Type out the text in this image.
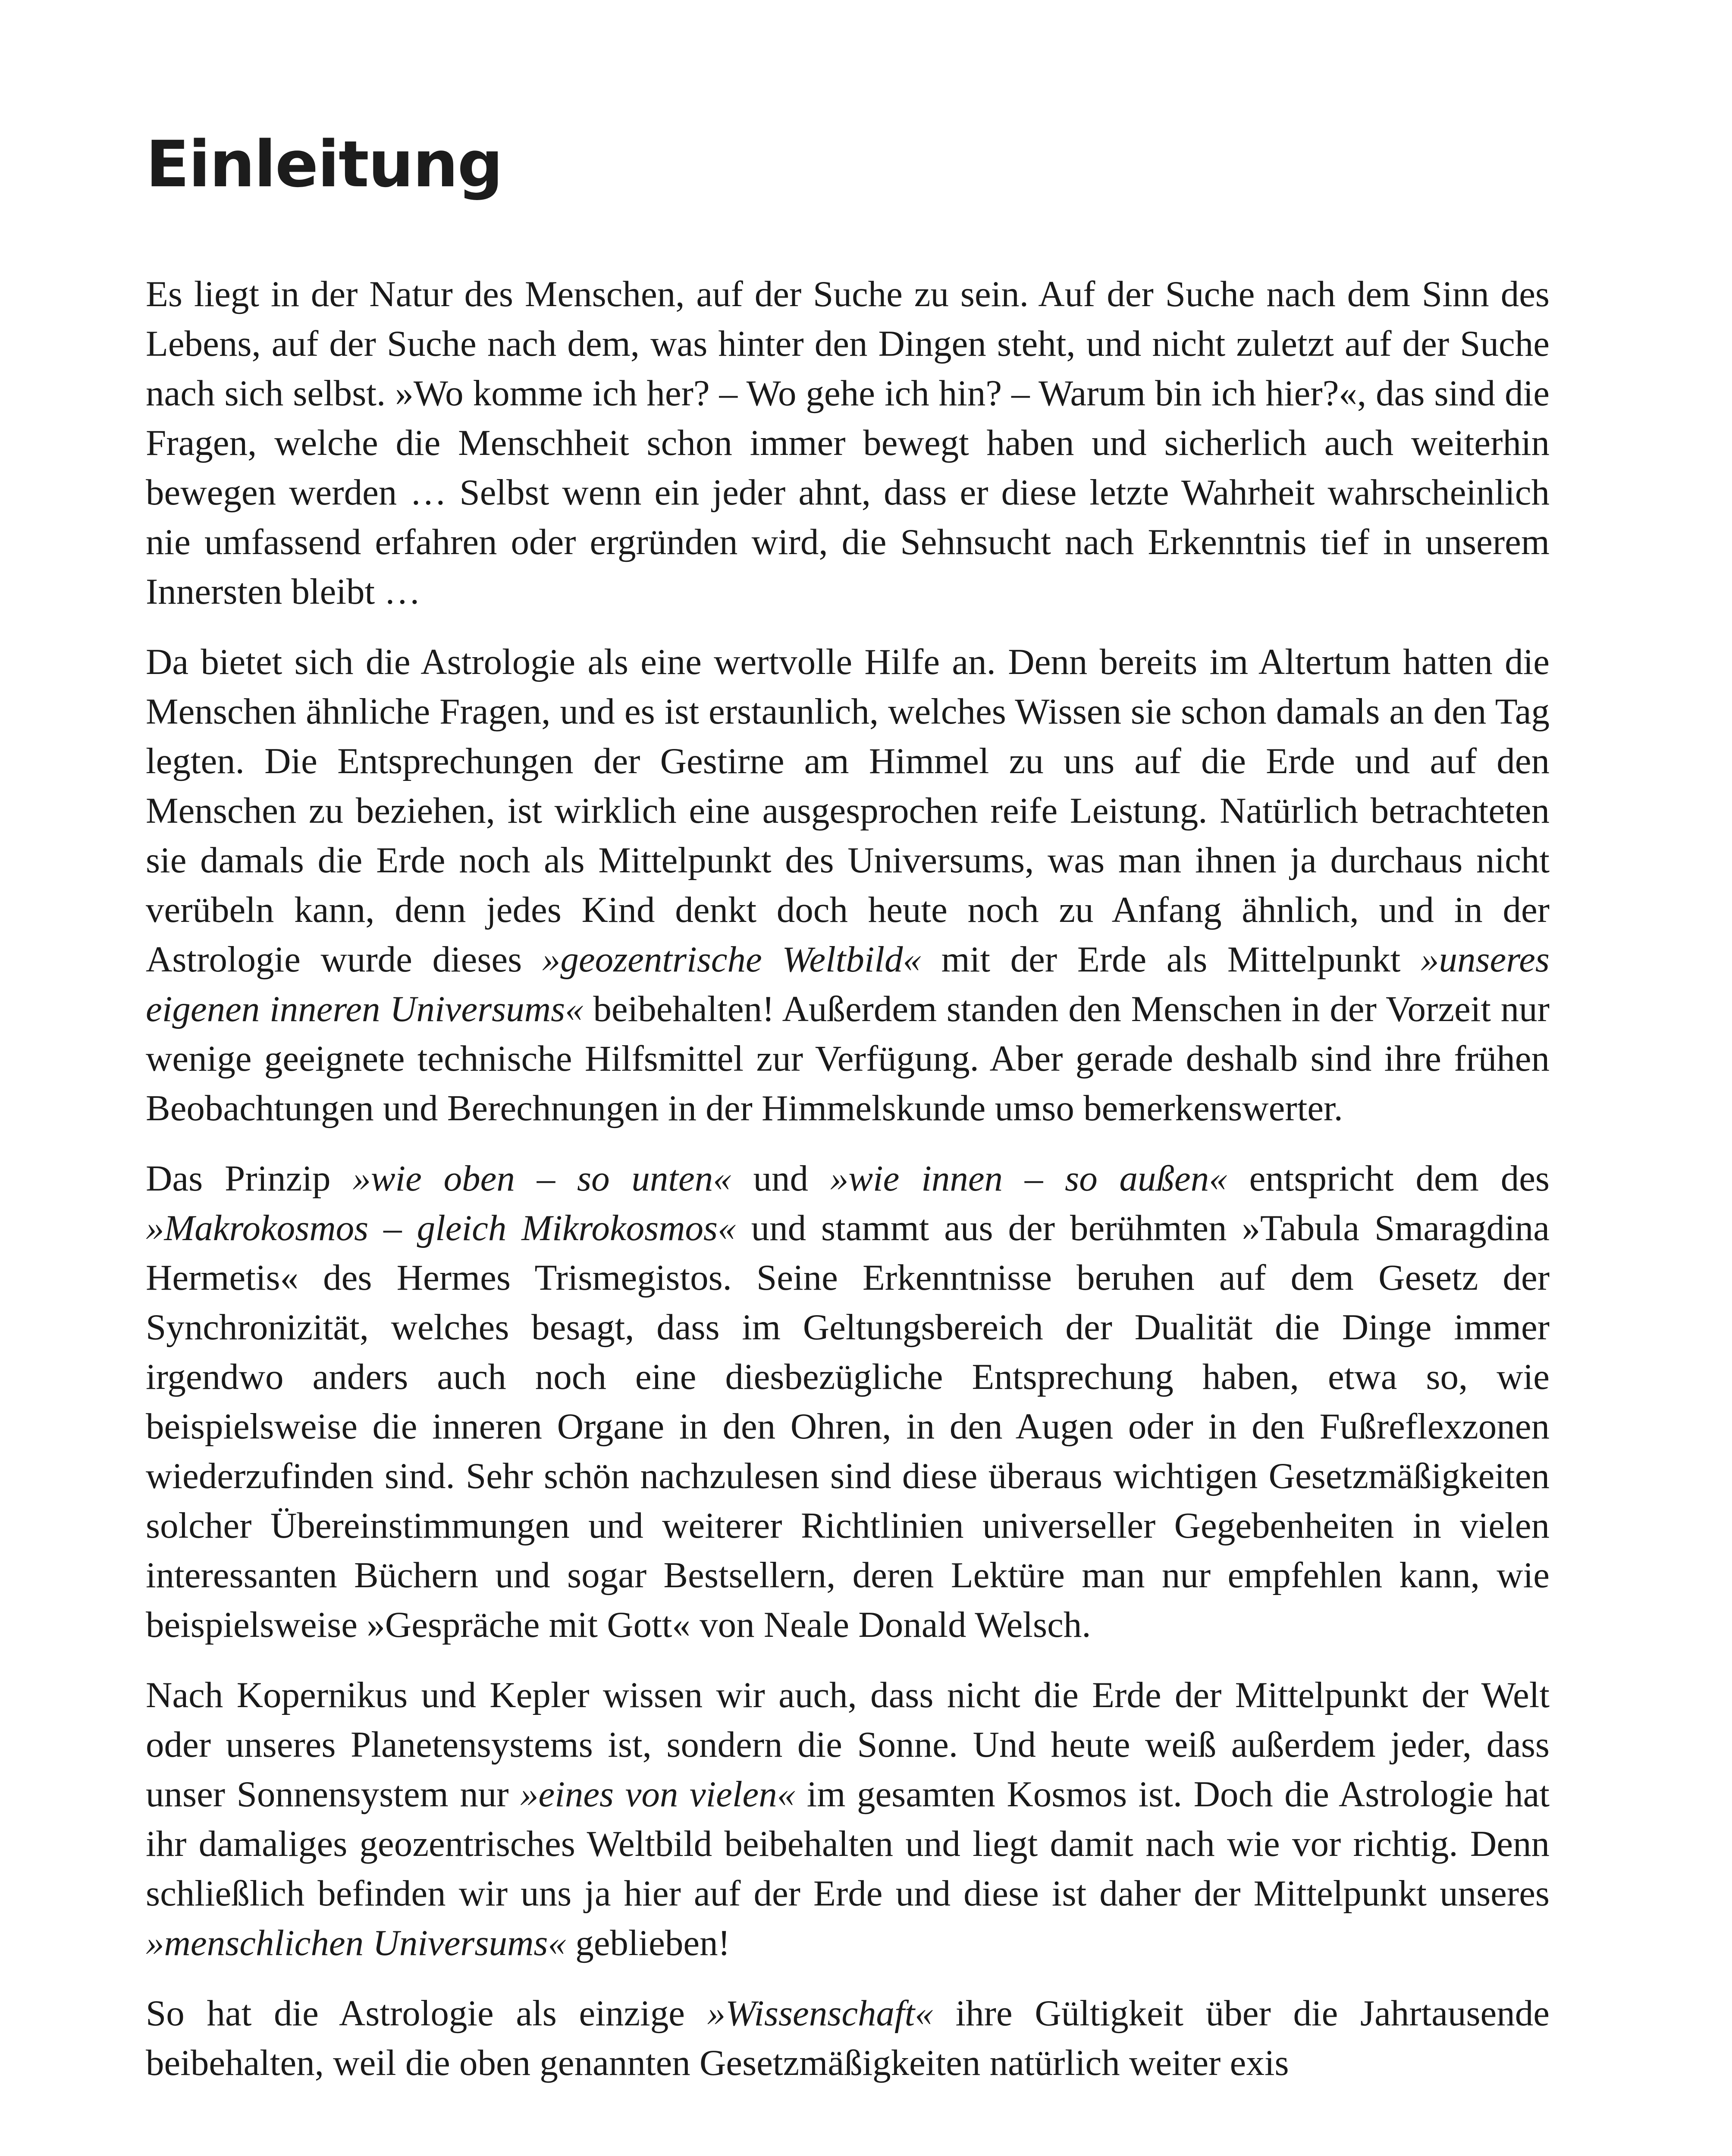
Einleitung

Es liegt in der Natur des Menschen, auf der Suche zu sein. Auf der Suche nach dem Sinn des Lebens, auf der Suche nach dem, was hinter den Dingen steht, und nicht zuletzt auf der Suche nach sich selbst. »Wo komme ich her? – Wo gehe ich hin? – Warum bin ich hier?«, das sind die Fragen, welche die Menschheit schon immer bewegt haben und sicherlich auch weiterhin bewegen werden … Selbst wenn ein jeder ahnt, dass er diese letzte Wahrheit wahrscheinlich nie umfassend erfahren oder ergründen wird, die Sehnsucht nach Erkenntnis tief in unserem Innersten bleibt …

Da bietet sich die Astrologie als eine wertvolle Hilfe an. Denn bereits im Altertum hatten die Menschen ähnliche Fragen, und es ist erstaunlich, welches Wissen sie schon damals an den Tag legten. Die Entsprechungen der Gestirne am Himmel zu uns auf die Erde und auf den Menschen zu beziehen, ist wirklich eine ausgesprochen reife Leistung. Natürlich betrachteten sie damals die Erde noch als Mittelpunkt des Universums, was man ihnen ja durchaus nicht verübeln kann, denn jedes Kind denkt doch heute noch zu Anfang ähnlich, und in der Astrologie wurde dieses »geozentrische Weltbild« mit der Erde als Mittelpunkt »unseres eigenen inneren Universums« beibehalten! Außerdem standen den Menschen in der Vorzeit nur wenige geeignete technische Hilfsmittel zur Verfügung. Aber gerade deshalb sind ihre frühen Beobachtungen und Berechnungen in der Himmelskunde umso bemerkenswerter.

Das Prinzip »wie oben – so unten« und »wie innen – so außen« entspricht dem des »Makrokosmos – gleich Mikrokosmos« und stammt aus der berühmten »Tabula Smaragdina Hermetis« des Hermes Trismegistos. Seine Erkenntnisse beruhen auf dem Gesetz der Synchronizität, welches besagt, dass im Geltungsbereich der Dualität die Dinge immer irgendwo anders auch noch eine diesbezügliche Entsprechung haben, etwa so, wie beispielsweise die inneren Organe in den Ohren, in den Augen oder in den Fußreflexzonen wiederzufinden sind. Sehr schön nachzulesen sind diese überaus wichtigen Gesetzmäßigkeiten solcher Übereinstimmungen und weiterer Richtlinien universeller Gegebenheiten in vielen interessanten Büchern und sogar Bestsellern, deren Lektüre man nur empfehlen kann, wie beispielsweise »Gespräche mit Gott« von Neale Donald Welsch.

Nach Kopernikus und Kepler wissen wir auch, dass nicht die Erde der Mittelpunkt der Welt oder unseres Planetensystems ist, sondern die Sonne. Und heute weiß außerdem jeder, dass unser Sonnensystem nur »eines von vielen« im gesamten Kosmos ist. Doch die Astrologie hat ihr damaliges geozentrisches Weltbild beibehalten und liegt damit nach wie vor richtig. Denn schließlich befinden wir uns ja hier auf der Erde und diese ist daher der Mittelpunkt unseres »menschlichen Universums« geblieben!

So hat die Astrologie als einzige »Wissenschaft« ihre Gültigkeit über die Jahrtausende beibehalten, weil die oben genannten Gesetzmäßigkeiten natürlich weiter exis
